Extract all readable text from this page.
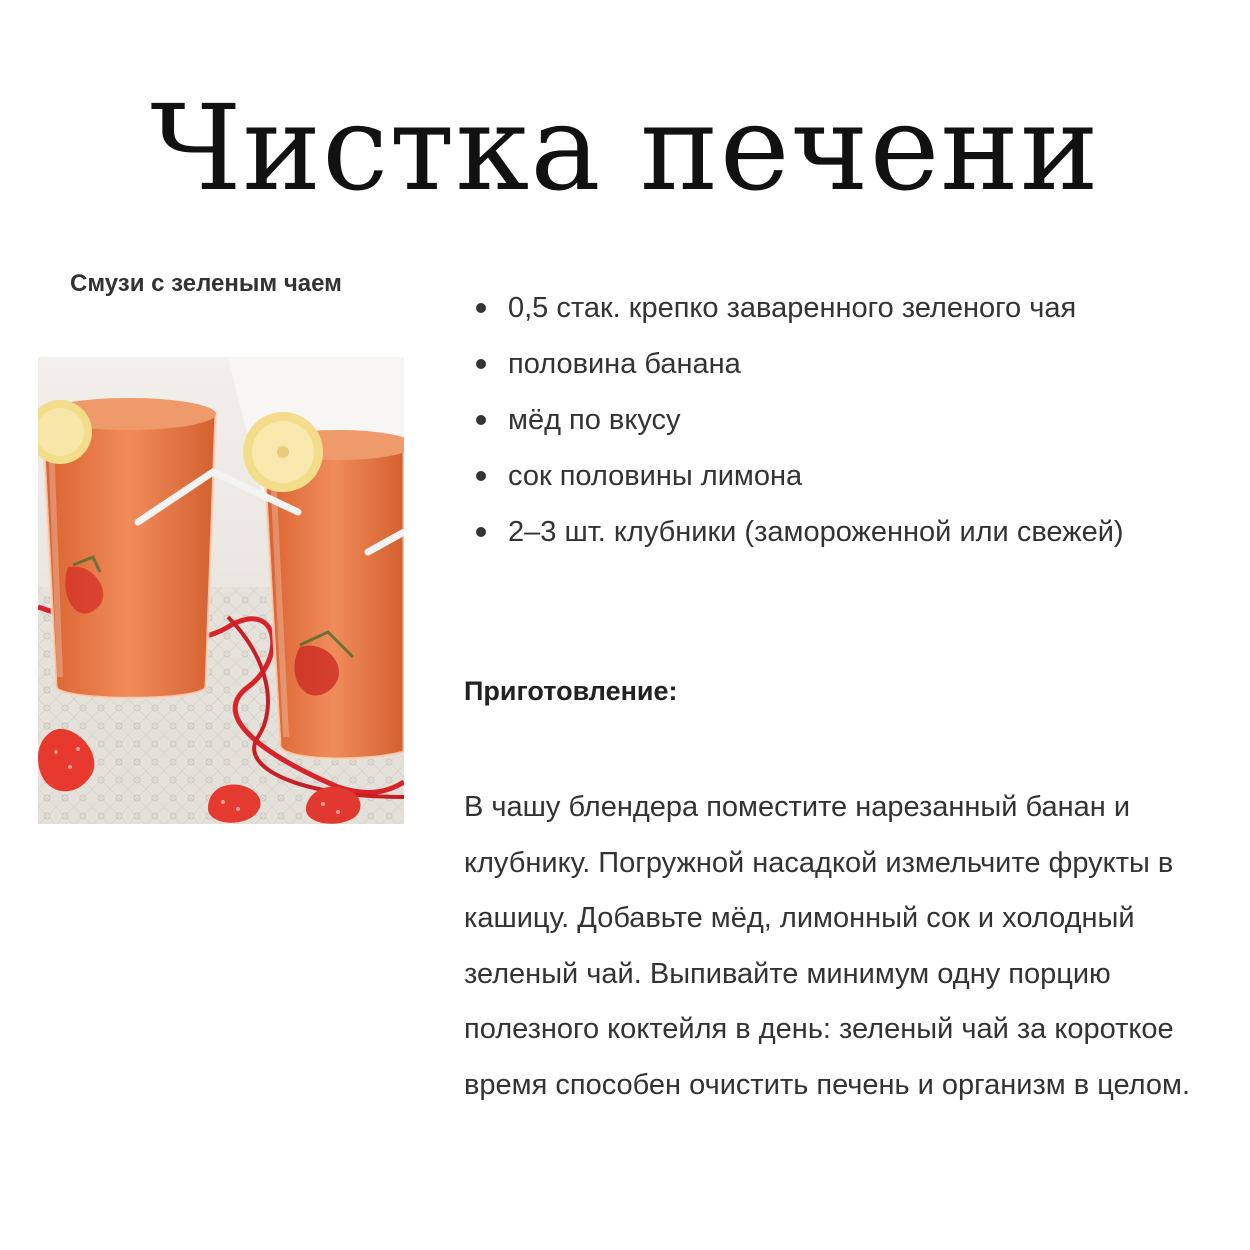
Чистка печени
Смузи с зеленым чаем
0,5 стак. крепко заваренного зеленого чая
половина банана
мёд по вкусу
сок половины лимона
2–3 шт. клубники (замороженной или свежей)
Приготовление:
В чашу блендера поместите нарезанный банан и клубнику. Погружной насадкой измельчите фрукты в кашицу. Добавьте мёд, лимонный сок и холодный зеленый чай. Выпивайте минимум одну порцию полезного коктейля в день: зеленый чай за короткое время способен очистить печень и организм в целом.
